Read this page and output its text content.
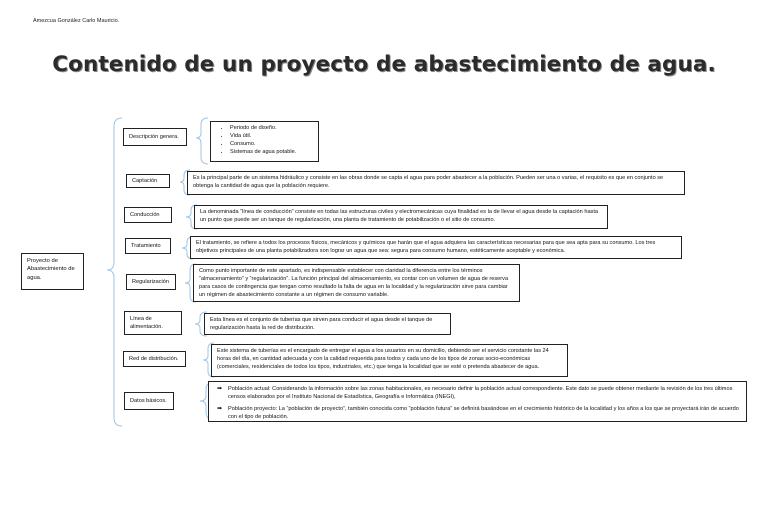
Amezcua González Carlo Mauricio.
Contenido de un proyecto de abastecimiento de agua.
Proyecto de Abastecimiento de agua.
Descripción genera.
• Periodo de diseño.
• Vida útil.
• Consumo.
• Sistemas de agua potable.
Captación	Es la principal parte de un sistema hidráulico y consiste en las obras donde se capta el agua para poder abastecer a la población. Pueden ser una o varias, el requisito es que en conjunto se obtenga la cantidad de agua que la población requiere.
Conducción	La denominada “línea de conducción” consiste en todas las estructuras civiles y electromecánicas cuya finalidad es la de llevar el agua desde la captación hasta un punto que puede ser un tanque de regularización, una planta de tratamiento de potabilización o el sitio de consumo.
Tratamiento	El tratamiento, se refiere a todos los procesos físicos, mecánicos y químicos que harán que el agua adquiera las características necesarias para que sea apta para su consumo. Los tres objetivos principales de una planta potabilizadora son lograr un agua que sea: segura para consumo humano, estéticamente aceptable y económica.
Regularización
Como punto importante de este apartado, es indispensable establecer con claridad la diferencia entre los términos “almacenamiento” y “regularización”. La función principal del almacenamiento, es contar con un volumen de agua de reserva para casos de contingencia que tengan como resultado la falta de agua en la localidad y la regularización sirve para cambiar un régimen de abastecimiento constante a un régimen de consumo variable.
Línea de alimentación.
Esta línea es el conjunto de tuberías que sirven para conducir el agua desde el tanque de regularización hasta la red de distribución.
Red de distribución.
Este sistema de tuberías es el encargado de entregar el agua a los usuarios en su domicilio, debiendo ser el servicio constante las 24 horas del día, en cantidad adecuada y con la calidad requerida para todos y cada uno de los tipos de zonas socio-económicas (comerciales, residenciales de todos los tipos, industriales, etc.) que tenga la localidad que se esté o pretenda abastecer de agua.
Datos básicos.
➡ Población actual: Considerando la información sobre las zonas habitacionales, es necesario definir la población actual correspondiente. Este dato se puede obtener mediante la revisión de los tres últimos censos elaborados por el Instituto Nacional de Estadística, Geografía e Informática (INEGI),
➡ Población proyecto: La “población de proyecto”, también conocida como “población futura” se definirá basándose en el crecimiento histórico de la localidad y los años a los que se proyectará irán de acuerdo con el tipo de población.
